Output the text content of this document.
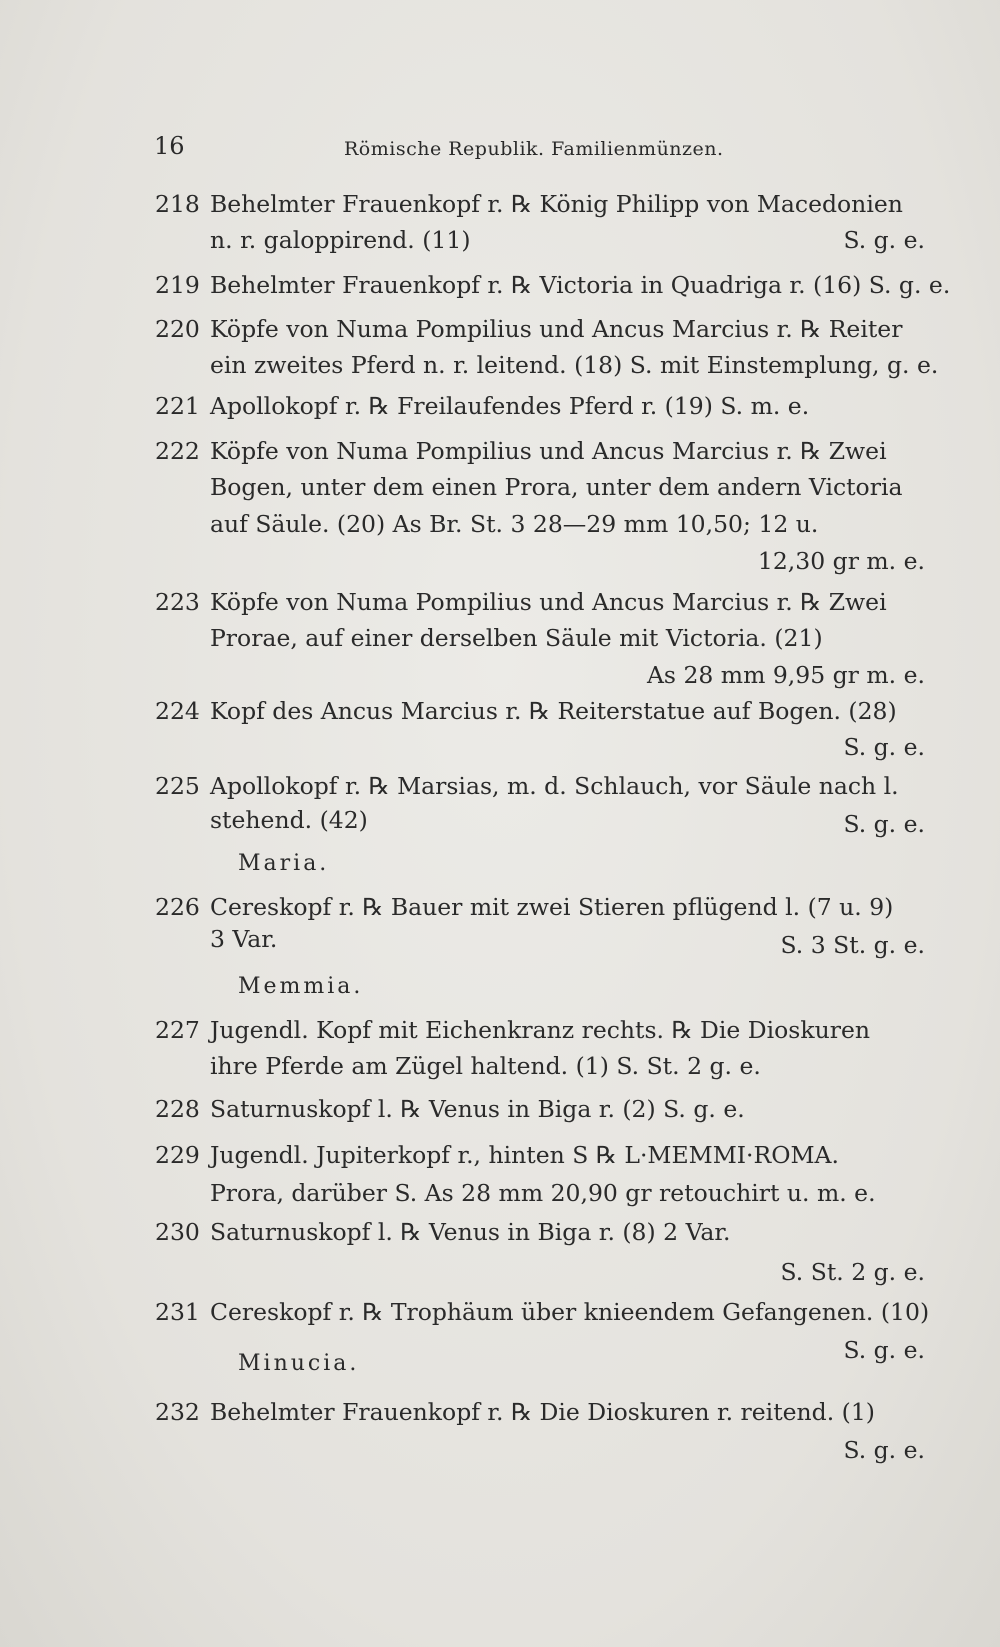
16	Römische Republik. Familienmünzen.
218 Behelmter Frauenkopf r. ℞ König Philipp von Macedonien
n. r. galoppirend. (11)	S. g. e.
219 Behelmter Frauenkopf r. ℞ Victoria in Quadriga r. (16) S. g. e.
220 Köpfe von Numa Pompilius und Ancus Marcius r. ℞ Reiter
ein zweites Pferd n. r. leitend. (18) S. mit Einstemplung, g. e.
221 Apollokopf r. ℞ Freilaufendes Pferd r. (19) S. m. e.
222 Köpfe von Numa Pompilius und Ancus Marcius r. ℞ Zwei
Bogen, unter dem einen Prora, unter dem andern Victoria
auf Säule. (20) As Br. St. 3 28—29 mm 10,50; 12 u.
12,30 gr m. e.
223 Köpfe von Numa Pompilius und Ancus Marcius r. ℞ Zwei
Prorae, auf einer derselben Säule mit Victoria. (21)
As 28 mm 9,95 gr m. e.
224 Kopf des Ancus Marcius r. ℞ Reiterstatue auf Bogen. (28)
S. g. e.
225 Apollokopf r. ℞ Marsias, m. d. Schlauch, vor Säule nach l.
stehend. (42)	S. g. e.
Maria.
226 Cereskopf r. ℞ Bauer mit zwei Stieren pflügend l. (7 u. 9)
3 Var.	S. 3 St. g. e.
Memmia.
227 Jugendl. Kopf mit Eichenkranz rechts. ℞ Die Dioskuren
ihre Pferde am Zügel haltend. (1) S. St. 2 g. e.
228 Saturnuskopf l. ℞ Venus in Biga r. (2) S. g. e.
229 Jugendl. Jupiterkopf r., hinten S ℞ L·MEMMI·ROMA.
Prora, darüber S. As 28 mm 20,90 gr retouchirt u. m. e.
230 Saturnuskopf l. ℞ Venus in Biga r. (8) 2 Var.
S. St. 2 g. e.
231 Cereskopf r. ℞ Trophäum über knieendem Gefangenen. (10)
S. g. e.
Minucia.
232 Behelmter Frauenkopf r. ℞ Die Dioskuren r. reitend. (1)
S. g. e.
